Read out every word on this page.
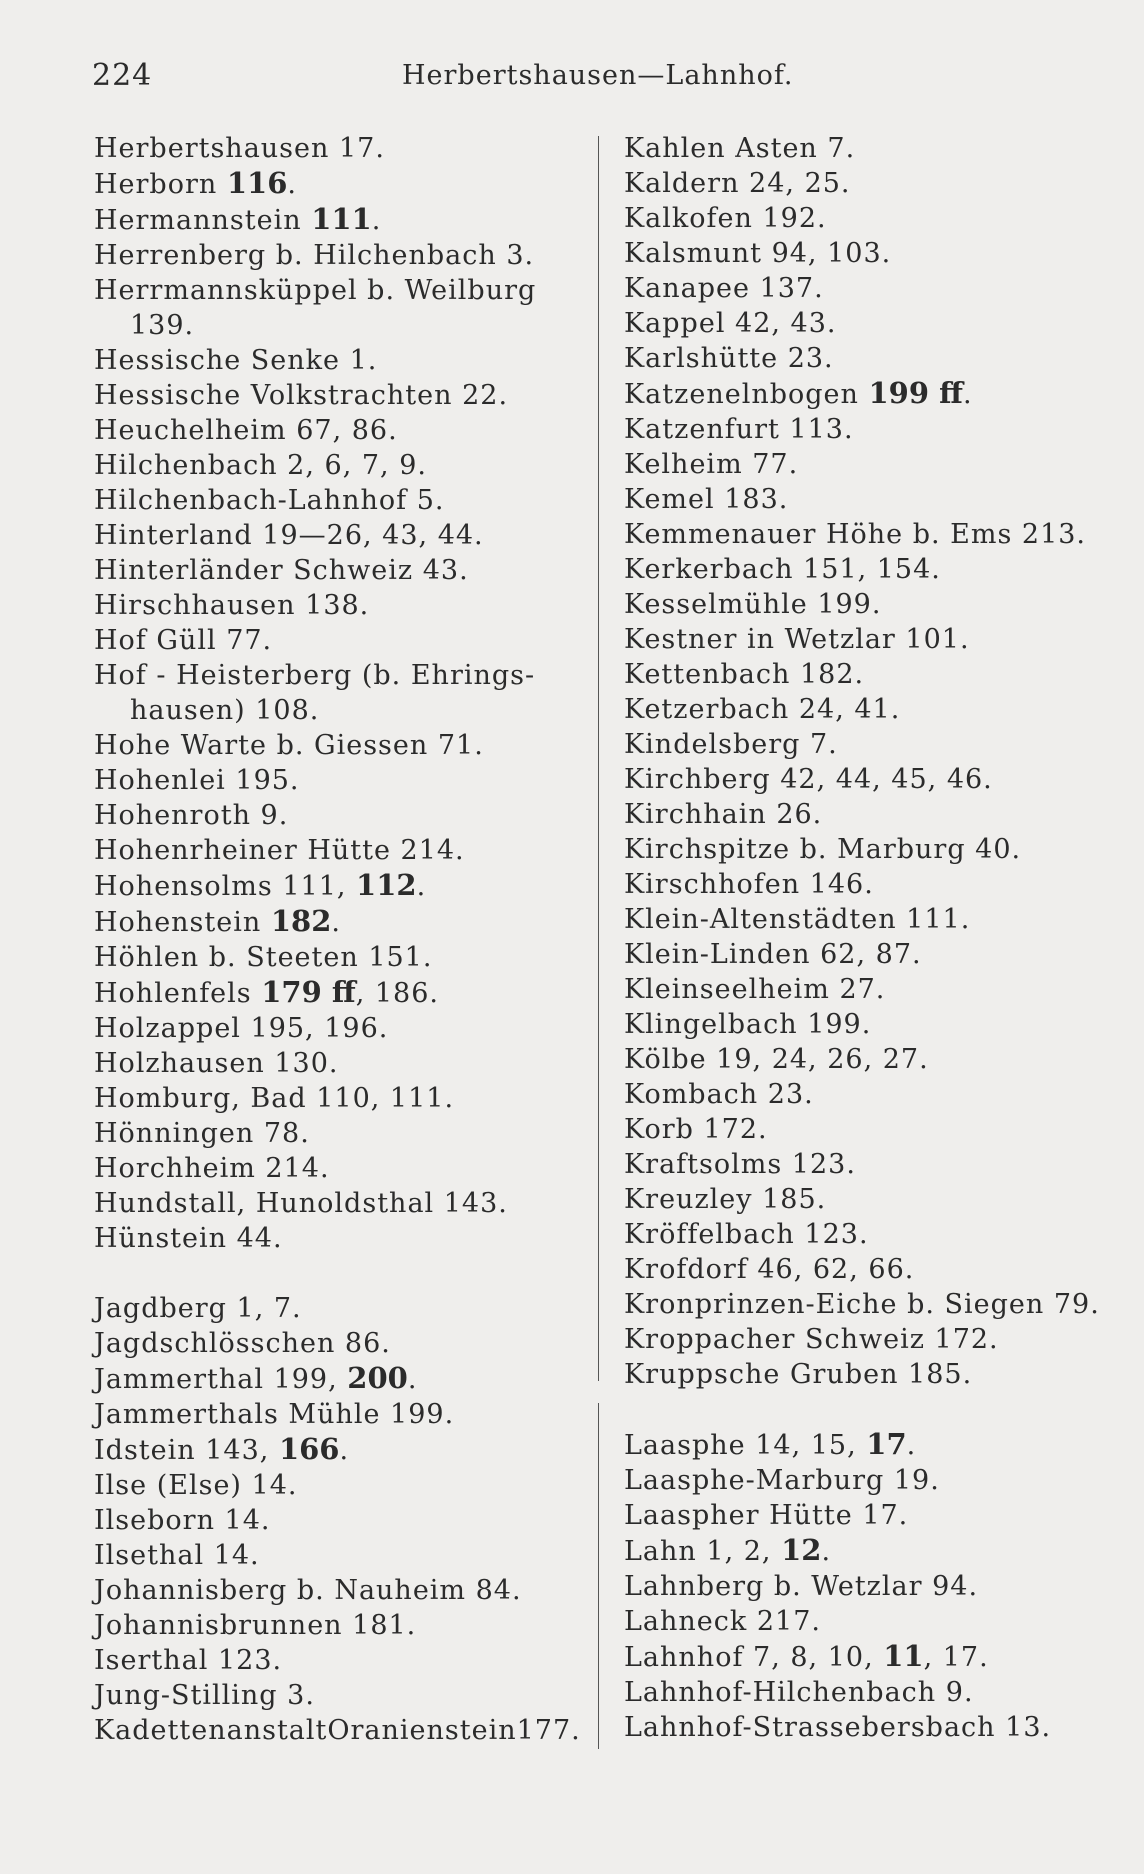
224	Herbertshausen—Lahnhof.
Herbertshausen 17.
Herborn 116.
Hermannstein 111.
Herrenberg b. Hilchenbach 3.
Herrmannsküppel b. Weilburg
139.
Hessische Senke 1.
Hessische Volkstrachten 22.
Heuchelheim 67, 86.
Hilchenbach 2, 6, 7, 9.
Hilchenbach-Lahnhof 5.
Hinterland 19—26, 43, 44.
Hinterländer Schweiz 43.
Hirschhausen 138.
Hof Güll 77.
Hof - Heisterberg (b. Ehrings-
hausen) 108.
Hohe Warte b. Giessen 71.
Hohenlei 195.
Hohenroth 9.
Hohenrheiner Hütte 214.
Hohensolms 111, 112.
Hohenstein 182.
Höhlen b. Steeten 151.
Hohlenfels 179 ff, 186.
Holzappel 195, 196.
Holzhausen 130.
Homburg, Bad 110, 111.
Hönningen 78.
Horchheim 214.
Hundstall, Hunoldsthal 143.
Hünstein 44.
Jagdberg 1, 7.
Jagdschlösschen 86.
Jammerthal 199, 200.
Jammerthals Mühle 199.
Idstein 143, 166.
Ilse (Else) 14.
Ilseborn 14.
Ilsethal 14.
Johannisberg b. Nauheim 84.
Johannisbrunnen 181.
Iserthal 123.
Jung-Stilling 3.
KadettenanstaltOranienstein177.
Kahlen Asten 7.
Kaldern 24, 25.
Kalkofen 192.
Kalsmunt 94, 103.
Kanapee 137.
Kappel 42, 43.
Karlshütte 23.
Katzenelnbogen 199 ff.
Katzenfurt 113.
Kelheim 77.
Kemel 183.
Kemmenauer Höhe b. Ems 213.
Kerkerbach 151, 154.
Kesselmühle 199.
Kestner in Wetzlar 101.
Kettenbach 182.
Ketzerbach 24, 41.
Kindelsberg 7.
Kirchberg 42, 44, 45, 46.
Kirchhain 26.
Kirchspitze b. Marburg 40.
Kirschhofen 146.
Klein-Altenstädten 111.
Klein-Linden 62, 87.
Kleinseelheim 27.
Klingelbach 199.
Kölbe 19, 24, 26, 27.
Kombach 23.
Korb 172.
Kraftsolms 123.
Kreuzley 185.
Kröffelbach 123.
Krofdorf 46, 62, 66.
Kronprinzen-Eiche b. Siegen 79.
Kroppacher Schweiz 172.
Kruppsche Gruben 185.
Laasphe 14, 15, 17.
Laasphe-Marburg 19.
Laaspher Hütte 17.
Lahn 1, 2, 12.
Lahnberg b. Wetzlar 94.
Lahneck 217.
Lahnhof 7, 8, 10, 11, 17.
Lahnhof-Hilchenbach 9.
Lahnhof-Strassebersbach 13.
